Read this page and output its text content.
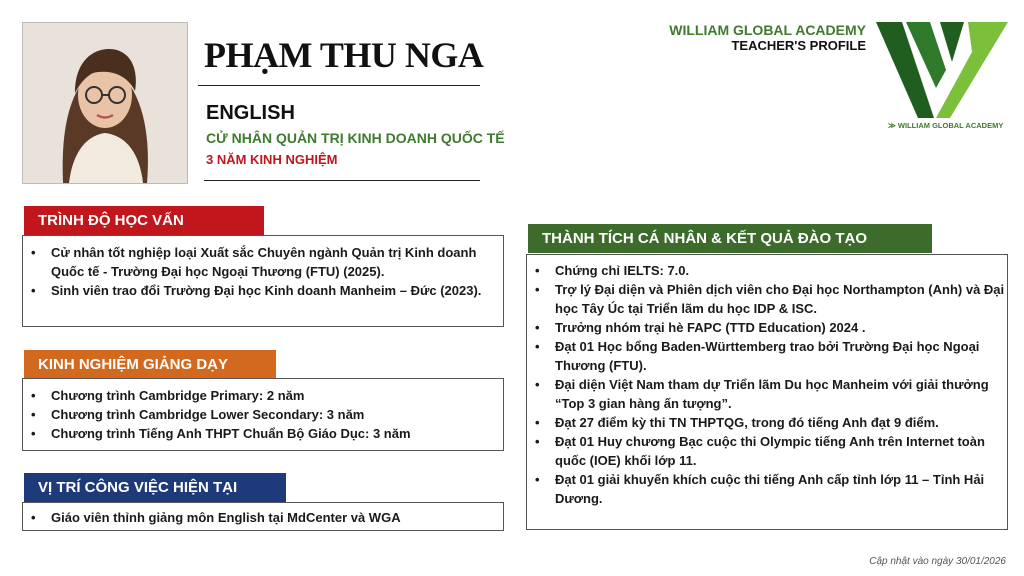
PHẠM THU NGA
ENGLISH
CỬ NHÂN QUẢN TRỊ KINH DOANH QUỐC TẾ
3 NĂM KINH NGHIỆM
WILLIAM GLOBAL ACADEMY
TEACHER'S PROFILE
≫ WILLIAM GLOBAL ACADEMY
TRÌNH ĐỘ HỌC VẤN
• Cử nhân tốt nghiệp loại Xuất sắc Chuyên ngành Quản trị Kinh doanh Quốc tế - Trường Đại học Ngoại Thương (FTU) (2025).
• Sinh viên trao đổi Trường Đại học Kinh doanh Manheim – Đức (2023).
KINH NGHIỆM GIẢNG DẠY
• Chương trình Cambridge Primary: 2 năm
• Chương trình Cambridge Lower Secondary: 3 năm
• Chương trình Tiếng Anh THPT Chuẩn Bộ Giáo Dục: 3 năm
VỊ TRÍ CÔNG VIỆC HIỆN TẠI
• Giáo viên thỉnh giảng môn English tại MdCenter và WGA
THÀNH TÍCH CÁ NHÂN & KẾT QUẢ ĐÀO TẠO
• Chứng chỉ IELTS: 7.0.
• Trợ lý Đại diện và Phiên dịch viên cho Đại học Northampton (Anh) và Đại học Tây Úc tại Triển lãm du học IDP & ISC.
• Trưởng nhóm trại hè FAPC (TTD Education) 2024 .
• Đạt 01 Học bổng Baden-Württemberg trao bởi Trường Đại học Ngoại Thương (FTU).
• Đại diện Việt Nam tham dự Triển lãm Du học Manheim với giải thưởng “Top 3 gian hàng ấn tượng”.
• Đạt 27 điểm kỳ thi TN THPTQG, trong đó tiếng Anh đạt 9 điểm.
• Đạt 01 Huy chương Bạc cuộc thi Olympic tiếng Anh trên Internet toàn quốc (IOE) khối lớp 11.
• Đạt 01 giải khuyến khích cuộc thi tiếng Anh cấp tỉnh lớp 11 – Tỉnh Hải Dương.
Cập nhật vào ngày 30/01/2026
